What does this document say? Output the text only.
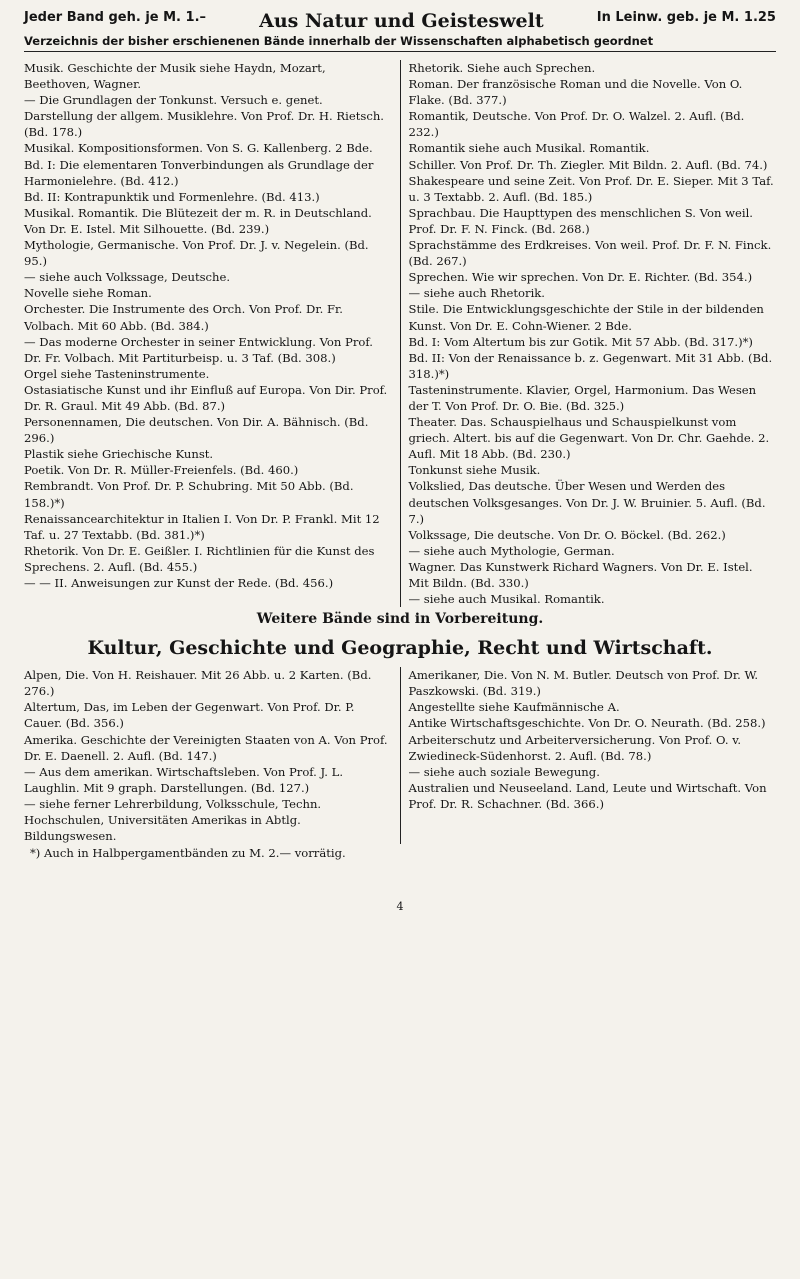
Jeder Band geh. je M. 1.–	Aus Natur und Geisteswelt	In Leinw. geb. je M. 1.25
Verzeichnis der bisher erschienenen Bände innerhalb der Wissenschaften alphabetisch geordnet

Musik. Geschichte der Musik siehe Haydn, Mozart, Beethoven, Wagner.

— Die Grundlagen der Tonkunst. Versuch e. genet. Darstellung der allgem. Musiklehre. Von Prof. Dr. H. Rietsch. (Bd. 178.)

Musikal. Kompositionsformen. Von S. G. Kallenberg. 2 Bde.

Bd. I: Die elementaren Tonverbindungen als Grundlage der Harmonielehre. (Bd. 412.)

Bd. II: Kontrapunktik und Formenlehre. (Bd. 413.)

Musikal. Romantik. Die Blütezeit der m. R. in Deutschland. Von Dr. E. Istel. Mit Silhouette. (Bd. 239.)

Mythologie, Germanische. Von Prof. Dr. J. v. Negelein. (Bd. 95.)

— siehe auch Volkssage, Deutsche.

Novelle siehe Roman.

Orchester. Die Instrumente des Orch. Von Prof. Dr. Fr. Volbach. Mit 60 Abb. (Bd. 384.)

— Das moderne Orchester in seiner Entwicklung. Von Prof. Dr. Fr. Volbach. Mit Partiturbeisp. u. 3 Taf. (Bd. 308.)

Orgel siehe Tasteninstrumente.

Ostasiatische Kunst und ihr Einfluß auf Europa. Von Dir. Prof. Dr. R. Graul. Mit 49 Abb. (Bd. 87.)

Personennamen, Die deutschen. Von Dir. A. Bähnisch. (Bd. 296.)

Plastik siehe Griechische Kunst.

Poetik. Von Dr. R. Müller-Freienfels. (Bd. 460.)

Rembrandt. Von Prof. Dr. P. Schubring. Mit 50 Abb. (Bd. 158.)*)

Renaissancearchitektur in Italien I. Von Dr. P. Frankl. Mit 12 Taf. u. 27 Textabb. (Bd. 381.)*)

Rhetorik. Von Dr. E. Geißler. I. Richtlinien für die Kunst des Sprechens. 2. Aufl. (Bd. 455.)

— — II. Anweisungen zur Kunst der Rede. (Bd. 456.)

Rhetorik. Siehe auch Sprechen.

Roman. Der französische Roman und die Novelle. Von O. Flake. (Bd. 377.)

Romantik, Deutsche. Von Prof. Dr. O. Walzel. 2. Aufl. (Bd. 232.)

Romantik siehe auch Musikal. Romantik.

Schiller. Von Prof. Dr. Th. Ziegler. Mit Bildn. 2. Aufl. (Bd. 74.)

Shakespeare und seine Zeit. Von Prof. Dr. E. Sieper. Mit 3 Taf. u. 3 Textabb. 2. Aufl. (Bd. 185.)

Sprachbau. Die Haupttypen des menschlichen S. Von weil. Prof. Dr. F. N. Finck. (Bd. 268.)

Sprachstämme des Erdkreises. Von weil. Prof. Dr. F. N. Finck. (Bd. 267.)

Sprechen. Wie wir sprechen. Von Dr. E. Richter. (Bd. 354.)

— siehe auch Rhetorik.

Stile. Die Entwicklungsgeschichte der Stile in der bildenden Kunst. Von Dr. E. Cohn-Wiener. 2 Bde.

Bd. I: Vom Altertum bis zur Gotik. Mit 57 Abb. (Bd. 317.)*)

Bd. II: Von der Renaissance b. z. Gegenwart. Mit 31 Abb. (Bd. 318.)*)

Tasteninstrumente. Klavier, Orgel, Harmonium. Das Wesen der T. Von Prof. Dr. O. Bie. (Bd. 325.)

Theater. Das. Schauspielhaus und Schauspielkunst vom griech. Altert. bis auf die Gegenwart. Von Dr. Chr. Gaehde. 2. Aufl. Mit 18 Abb. (Bd. 230.)

Tonkunst siehe Musik.

Volkslied, Das deutsche. Über Wesen und Werden des deutschen Volksgesanges. Von Dr. J. W. Bruinier. 5. Aufl. (Bd. 7.)

Volkssage, Die deutsche. Von Dr. O. Böckel. (Bd. 262.)

— siehe auch Mythologie, German.

Wagner. Das Kunstwerk Richard Wagners. Von Dr. E. Istel. Mit Bildn. (Bd. 330.)

— siehe auch Musikal. Romantik.

Weitere Bände sind in Vorbereitung.
Kultur, Geschichte und Geographie, Recht und Wirtschaft.

Alpen, Die. Von H. Reishauer. Mit 26 Abb. u. 2 Karten. (Bd. 276.)

Altertum, Das, im Leben der Gegenwart. Von Prof. Dr. P. Cauer. (Bd. 356.)

Amerika. Geschichte der Vereinigten Staaten von A. Von Prof. Dr. E. Daenell. 2. Aufl. (Bd. 147.)

— Aus dem amerikan. Wirtschaftsleben. Von Prof. J. L. Laughlin. Mit 9 graph. Darstellungen. (Bd. 127.)

— siehe ferner Lehrerbildung, Volksschule, Techn. Hochschulen, Universitäten Amerikas in Abtlg. Bildungswesen.

Amerikaner, Die. Von N. M. Butler. Deutsch von Prof. Dr. W. Paszkowski. (Bd. 319.)

Angestellte siehe Kaufmännische A.

Antike Wirtschaftsgeschichte. Von Dr. O. Neurath. (Bd. 258.)

Arbeiterschutz und Arbeiterversicherung. Von Prof. O. v. Zwiedineck-Südenhorst. 2. Aufl. (Bd. 78.)

— siehe auch soziale Bewegung.

Australien und Neuseeland. Land, Leute und Wirtschaft. Von Prof. Dr. R. Schachner. (Bd. 366.)

*) Auch in Halbpergamentbänden zu M. 2.— vorrätig.
4
